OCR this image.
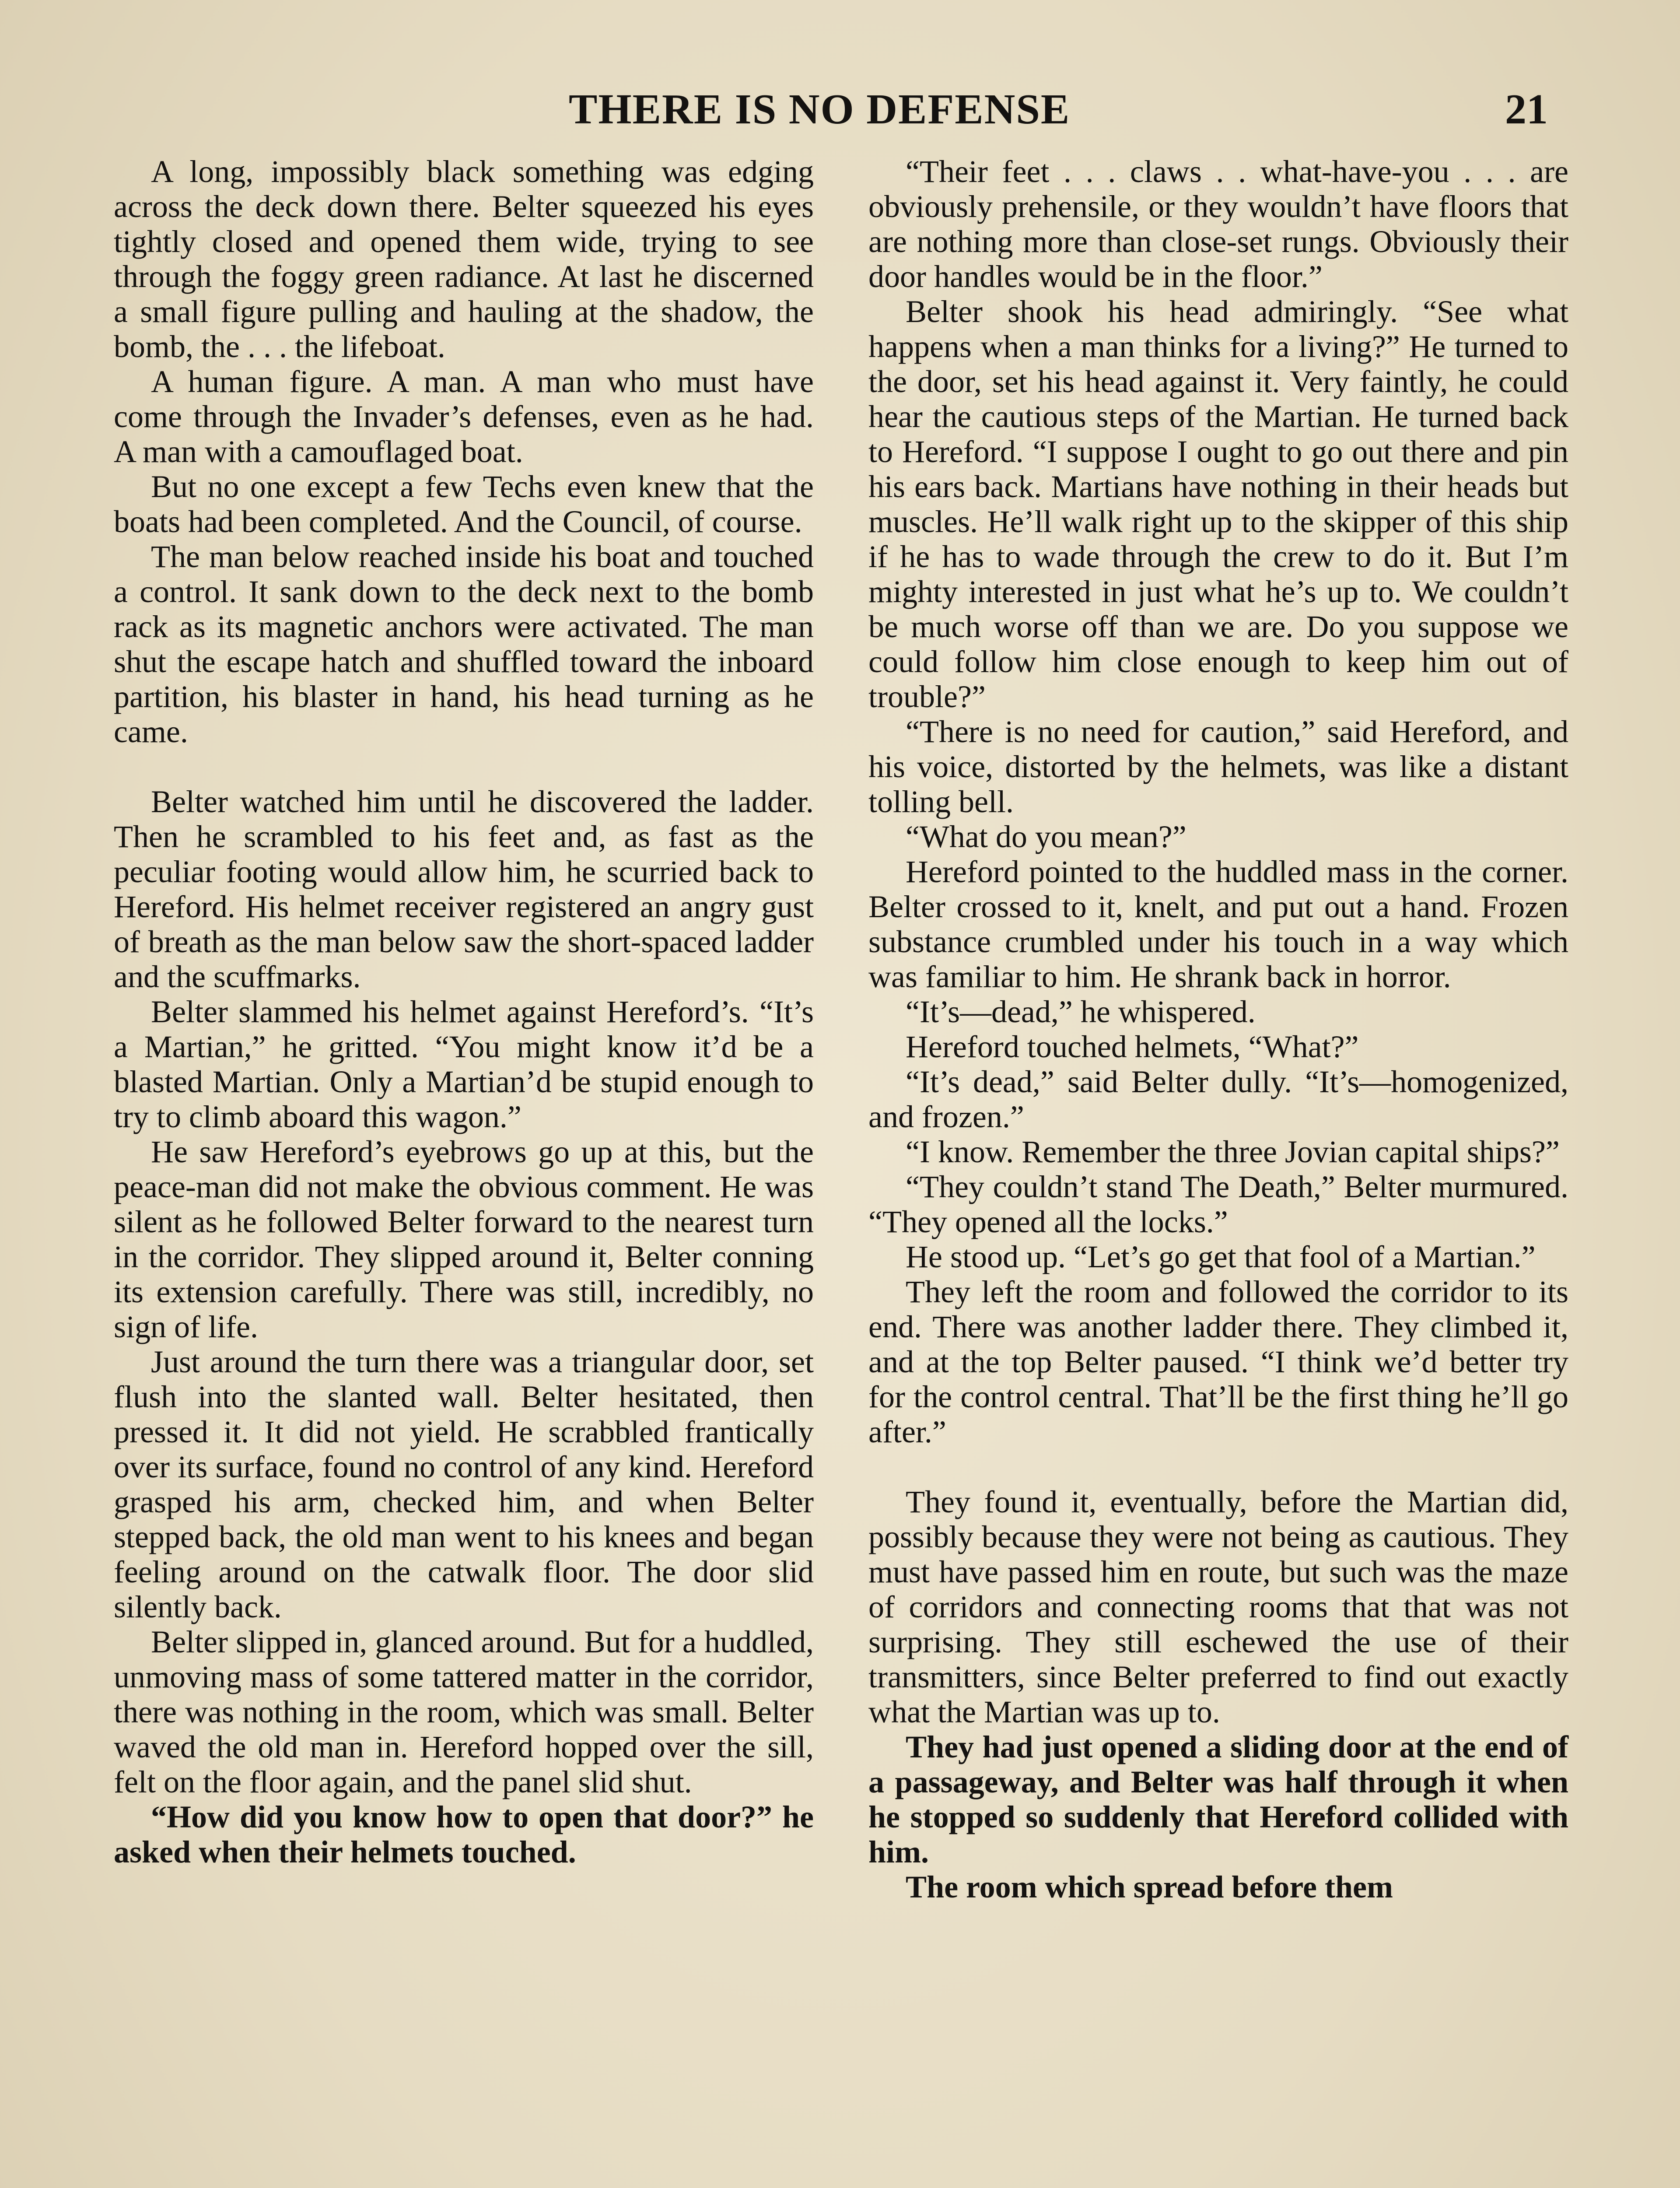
THERE IS NO DEFENSE	21

A long, impossibly black something was edging across the deck down there. Belter squeezed his eyes tightly closed and opened them wide, trying to see through the foggy green radiance. At last he discerned a small figure pulling and hauling at the shadow, the bomb, the . . . the lifeboat.

A human figure. A man. A man who must have come through the Invader’s defenses, even as he had. A man with a camouflaged boat.

But no one except a few Techs even knew that the boats had been completed. And the Council, of course.

The man below reached inside his boat and touched a control. It sank down to the deck next to the bomb rack as its magnetic anchors were activated. The man shut the escape hatch and shuffled toward the inboard partition, his blaster in hand, his head turning as he came.

Belter watched him until he discovered the ladder. Then he scrambled to his feet and, as fast as the peculiar footing would allow him, he scurried back to Hereford. His helmet receiver registered an angry gust of breath as the man below saw the short-spaced ladder and the scuffmarks.

Belter slammed his helmet against Hereford’s. “It’s a Martian,” he gritted. “You might know it’d be a blasted Martian. Only a Martian’d be stupid enough to try to climb aboard this wagon.”

He saw Hereford’s eyebrows go up at this, but the peace-man did not make the obvious comment. He was silent as he followed Belter forward to the nearest turn in the corridor. They slipped around it, Belter conning its extension carefully. There was still, incredibly, no sign of life.

Just around the turn there was a triangular door, set flush into the slanted wall. Belter hesitated, then pressed it. It did not yield. He scrabbled frantically over its surface, found no control of any kind. Hereford grasped his arm, checked him, and when Belter stepped back, the old man went to his knees and began feeling around on the catwalk floor. The door slid silently back.

Belter slipped in, glanced around. But for a huddled, unmoving mass of some tattered matter in the corridor, there was nothing in the room, which was small. Belter waved the old man in. Hereford hopped over the sill, felt on the floor again, and the panel slid shut.

“How did you know how to open that door?” he asked when their helmets touched.

“Their feet . . . claws . . what-have-you . . . are obviously prehensile, or they wouldn’t have floors that are nothing more than close-set rungs. Obviously their door handles would be in the floor.”

Belter shook his head admiringly. “See what happens when a man thinks for a living?” He turned to the door, set his head against it. Very faintly, he could hear the cautious steps of the Martian. He turned back to Hereford. “I suppose I ought to go out there and pin his ears back. Martians have nothing in their heads but muscles. He’ll walk right up to the skipper of this ship if he has to wade through the crew to do it. But I’m mighty interested in just what he’s up to. We couldn’t be much worse off than we are. Do you suppose we could follow him close enough to keep him out of trouble?”

“There is no need for caution,” said Hereford, and his voice, distorted by the helmets, was like a distant tolling bell.

“What do you mean?”

Hereford pointed to the huddled mass in the corner. Belter crossed to it, knelt, and put out a hand. Frozen substance crumbled under his touch in a way which was familiar to him. He shrank back in horror.

“It’s—dead,” he whispered.

Hereford touched helmets, “What?”

“It’s dead,” said Belter dully. “It’s—homogenized, and frozen.”

“I know. Remember the three Jovian capital ships?”

“They couldn’t stand The Death,” Belter murmured. “They opened all the locks.”

He stood up. “Let’s go get that fool of a Martian.”

They left the room and followed the corridor to its end. There was another ladder there. They climbed it, and at the top Belter paused. “I think we’d better try for the control central. That’ll be the first thing he’ll go after.”

They found it, eventually, before the Martian did, possibly because they were not being as cautious. They must have passed him en route, but such was the maze of corridors and connecting rooms that that was not surprising. They still eschewed the use of their transmitters, since Belter preferred to find out exactly what the Martian was up to.

They had just opened a sliding door at the end of a passageway, and Belter was half through it when he stopped so suddenly that Hereford collided with him.

The room which spread before them
